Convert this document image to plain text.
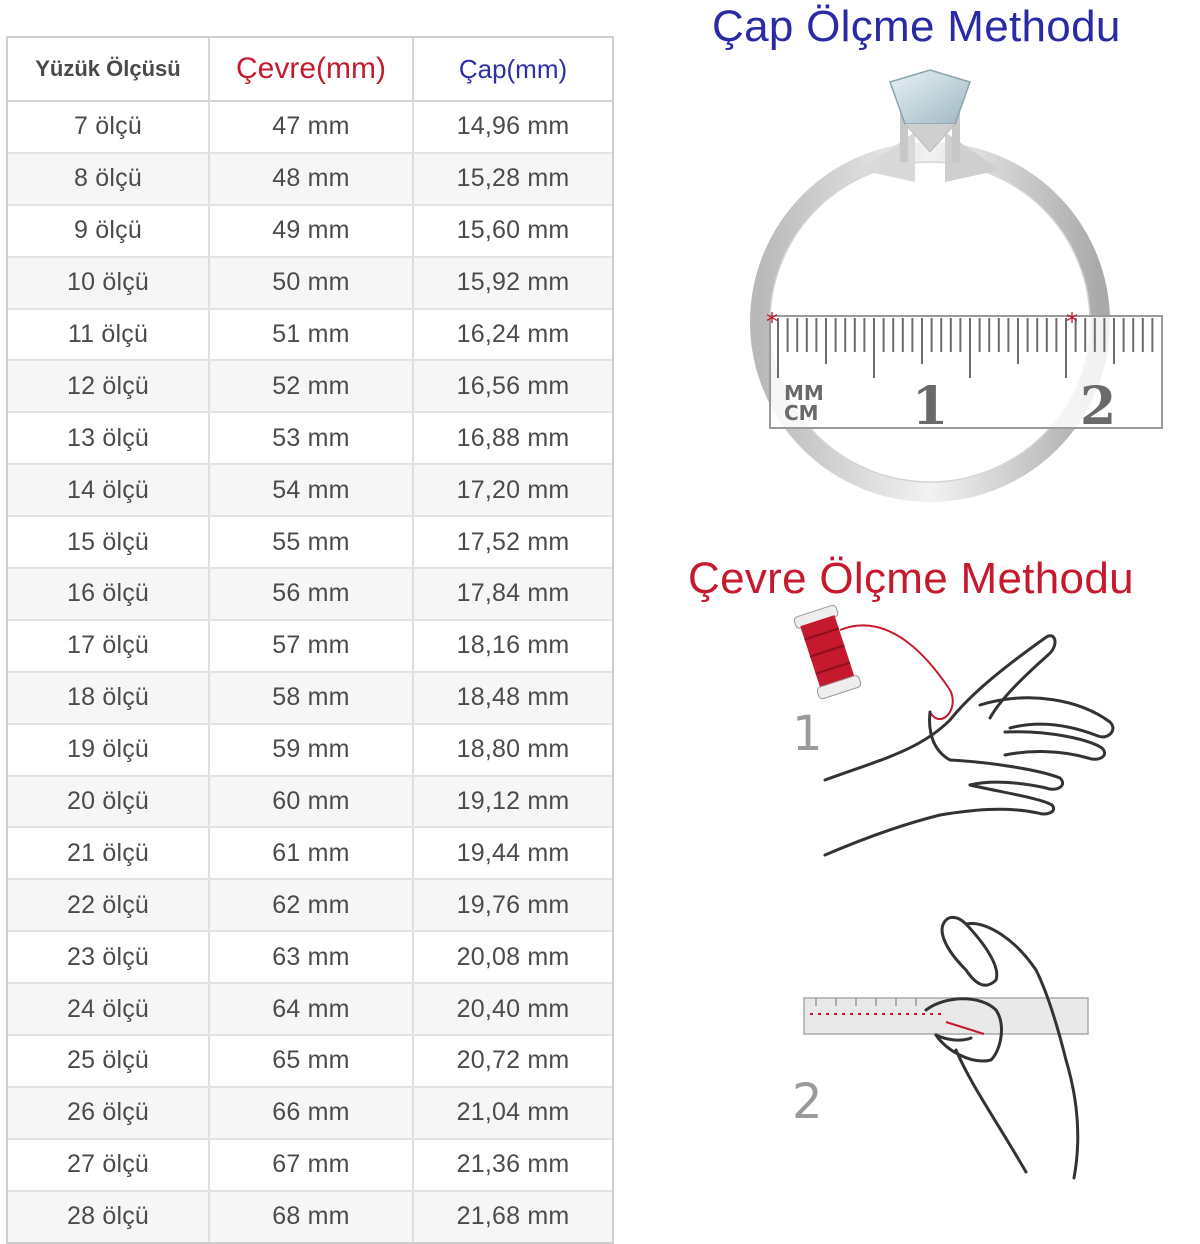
Yüzük Ölçüsü	Çevre(mm)	Çap(mm)
7 ölçü	47 mm	14,96 mm
8 ölçü	48 mm	15,28 mm
9 ölçü	49 mm	15,60 mm
10 ölçü	50 mm	15,92 mm
11 ölçü	51 mm	16,24 mm
12 ölçü	52 mm	16,56 mm
13 ölçü	53 mm	16,88 mm
14 ölçü	54 mm	17,20 mm
15 ölçü	55 mm	17,52 mm
16 ölçü	56 mm	17,84 mm
17 ölçü	57 mm	18,16 mm
18 ölçü	58 mm	18,48 mm
19 ölçü	59 mm	18,80 mm
20 ölçü	60 mm	19,12 mm
21 ölçü	61 mm	19,44 mm
22 ölçü	62 mm	19,76 mm
23 ölçü	63 mm	20,08 mm
24 ölçü	64 mm	20,40 mm
25 ölçü	65 mm	20,72 mm
26 ölçü	66 mm	21,04 mm
27 ölçü	67 mm	21,36 mm
28 ölçü	68 mm	21,68 mm
Çap Ölçme Methodu
*	*
MM
CM 1	2
Çevre Ölçme Methodu
1
2
